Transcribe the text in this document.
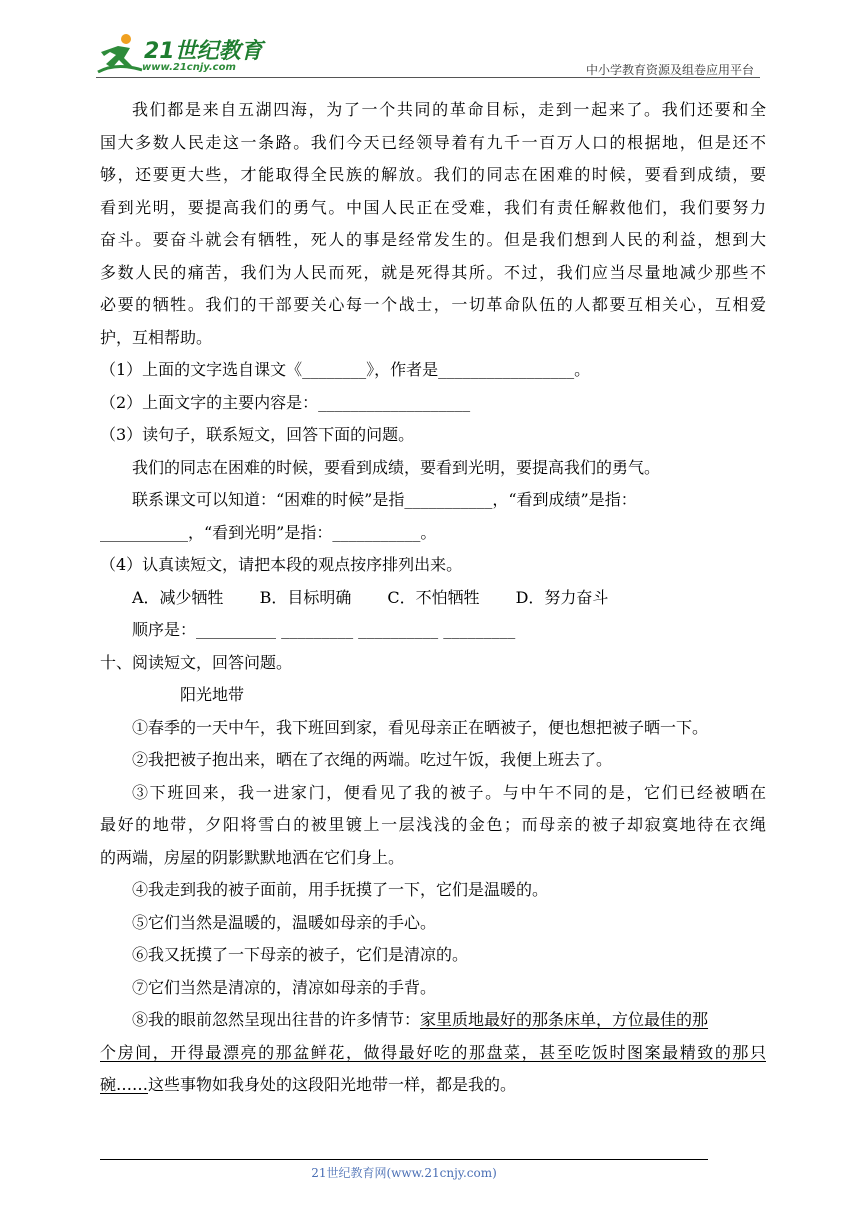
21世纪教育
www.21cnjy.com	中小学教育资源及组卷应用平台

我们都是来自五湖四海，为了一个共同的革命目标，走到一起来了。我们还要和全

国大多数人民走这一条路。我们今天已经领导着有九千一百万人口的根据地，但是还不

够，还要更大些，才能取得全民族的解放。我们的同志在困难的时候，要看到成绩，要

看到光明，要提高我们的勇气。中国人民正在受难，我们有责任解救他们，我们要努力

奋斗。要奋斗就会有牺牲，死人的事是经常发生的。但是我们想到人民的利益，想到大

多数人民的痛苦，我们为人民而死，就是死得其所。不过，我们应当尽量地减少那些不

必要的牺牲。我们的干部要关心每一个战士，一切革命队伍的人都要互相关心，互相爱

护，互相帮助。

（1）上面的文字选自课文《________》，作者是_________________。

（2）上面文字的主要内容是：___________________

（3）读句子，联系短文，回答下面的问题。

我们的同志在困难的时候，要看到成绩，要看到光明，要提高我们的勇气。

联系课文可以知道：“困难的时候”是指___________，“看到成绩”是指：

___________，“看到光明”是指：___________。

（4）认真读短文，请把本段的观点按序排列出来。

A．减少牺牲 B．目标明确 C．不怕牺牲 D．努力奋斗

顺序是：__________ _________ __________ _________

十、阅读短文，回答问题。

阳光地带

①春季的一天中午，我下班回到家，看见母亲正在晒被子，便也想把被子晒一下。

②我把被子抱出来，晒在了衣绳的两端。吃过午饭，我便上班去了。

③下班回来，我一进家门，便看见了我的被子。与中午不同的是，它们已经被晒在

最好的地带，夕阳将雪白的被里镀上一层浅浅的金色；而母亲的被子却寂寞地待在衣绳

的两端，房屋的阴影默默地洒在它们身上。

④我走到我的被子面前，用手抚摸了一下，它们是温暖的。

⑤它们当然是温暖的，温暖如母亲的手心。

⑥我又抚摸了一下母亲的被子，它们是清凉的。

⑦它们当然是清凉的，清凉如母亲的手背。

⑧我的眼前忽然呈现出往昔的许多情节：家里质地最好的那条床单，方位最佳的那

个房间，开得最漂亮的那盆鲜花，做得最好吃的那盘菜，甚至吃饭时图案最精致的那只

碗……这些事物如我身处的这段阳光地带一样，都是我的。

21世纪教育网(www.21cnjy.com)
